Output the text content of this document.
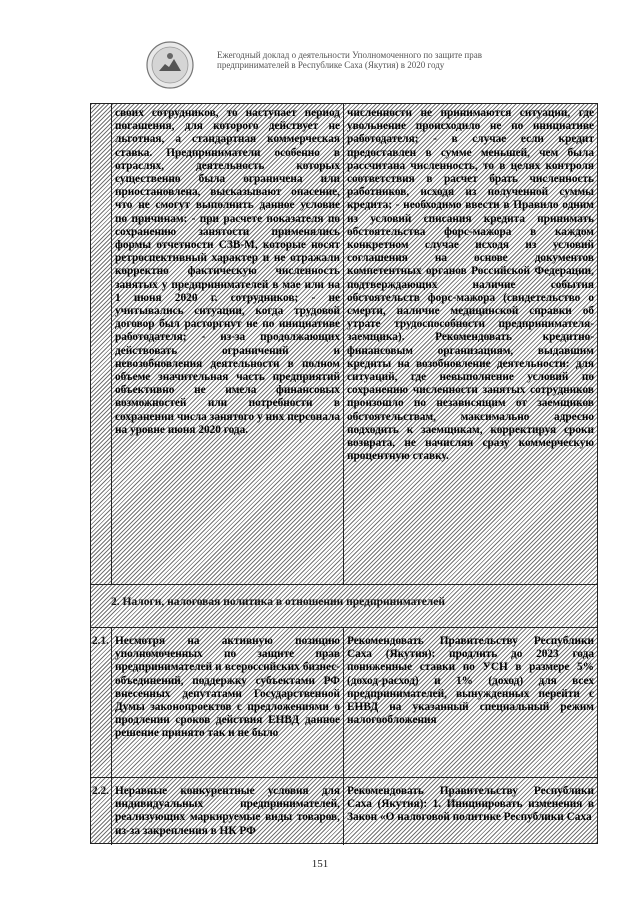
Ежегодный доклад о деятельности Уполномоченного по защите прав
предпринимателей в Республике Саха (Якутия) в 2020 году
своих сотрудников, то наступает период погашения, для которого действует не льготная, а стандартная коммерческая ставка. Предприниматели особенно в отраслях, деятельность которых существенно была ограничена или приостановлена, высказывают опасение, что не смогут выполнить данное условие по причинам: - при расчете показателя по сохранению занятости применялись формы отчетности СЗВ-М, которые носят ретроспективный характер и не отражали корректно фактическую численность занятых у предпринимателей в мае или на 1 июня 2020 г. сотрудников; - не учитывались ситуации, когда трудовой договор был расторгнут не по инициативе работодателя; - из-за продолжающих действовать ограничений и невозобновления деятельности в полном объеме значительная часть предприятий объективно не имела финансовых возможностей или потребности в сохранении числа занятого у них персонала на уровне июня 2020 года.
численности не принимаются ситуации, где увольнение происходило не по инициативе работодателя; - в случае если кредит предоставлен в сумме меньшей, чем была рассчитана численность, то в целях контроля соответствия в расчет брать численность работников, исходя из полученной суммы кредита; - необходимо ввести в Правило одним из условий списания кредита принимать обстоятельства форс-мажора в каждом конкретном случае исходя из условий соглашения на основе документов компетентных органов Российской Федерации, подтверждающих наличие события обстоятельств форс-мажора (свидетельство о смерти, наличие медицинской справки об утрате трудоспособности предпринимателя-заемщика). Рекомендовать кредитно-финансовым организациям, выдавшим кредиты на возобновление деятельности: для ситуаций, где невыполнение условий по сохранению численности занятых сотрудников произошло по независящим от заемщиков обстоятельствам, максимально адресно подходить к заемщикам, корректируя сроки возврата, не начисляя сразу коммерческую процентную ставку.
2. Налоги, налоговая политика в отношении предпринимателей
2.1. Несмотря на активную позицию уполномоченных по защите прав предпринимателей и всероссийских бизнес-объединений, поддержку субъектами РФ внесенных депутатами Государственной Думы законопроектов с предложениями о продлении сроков действия ЕНВД данное решение принято так и не было
Рекомендовать Правительству Республики Саха (Якутия): продлить до 2023 года пониженные ставки по УСН в размере 5% (доход-расход) и 1% (доход) для всех предпринимателей, вынужденных перейти с ЕНВД на указанный специальный режим налогообложения
2.2. Неравные конкурентные условия для индивидуальных предпринимателей, реализующих маркируемые виды товаров, из-за закрепления в НК РФ
Рекомендовать Правительству Республики Саха (Якутия): 1. Инициировать изменения в Закон «О налоговой политике Республики Саха
151
